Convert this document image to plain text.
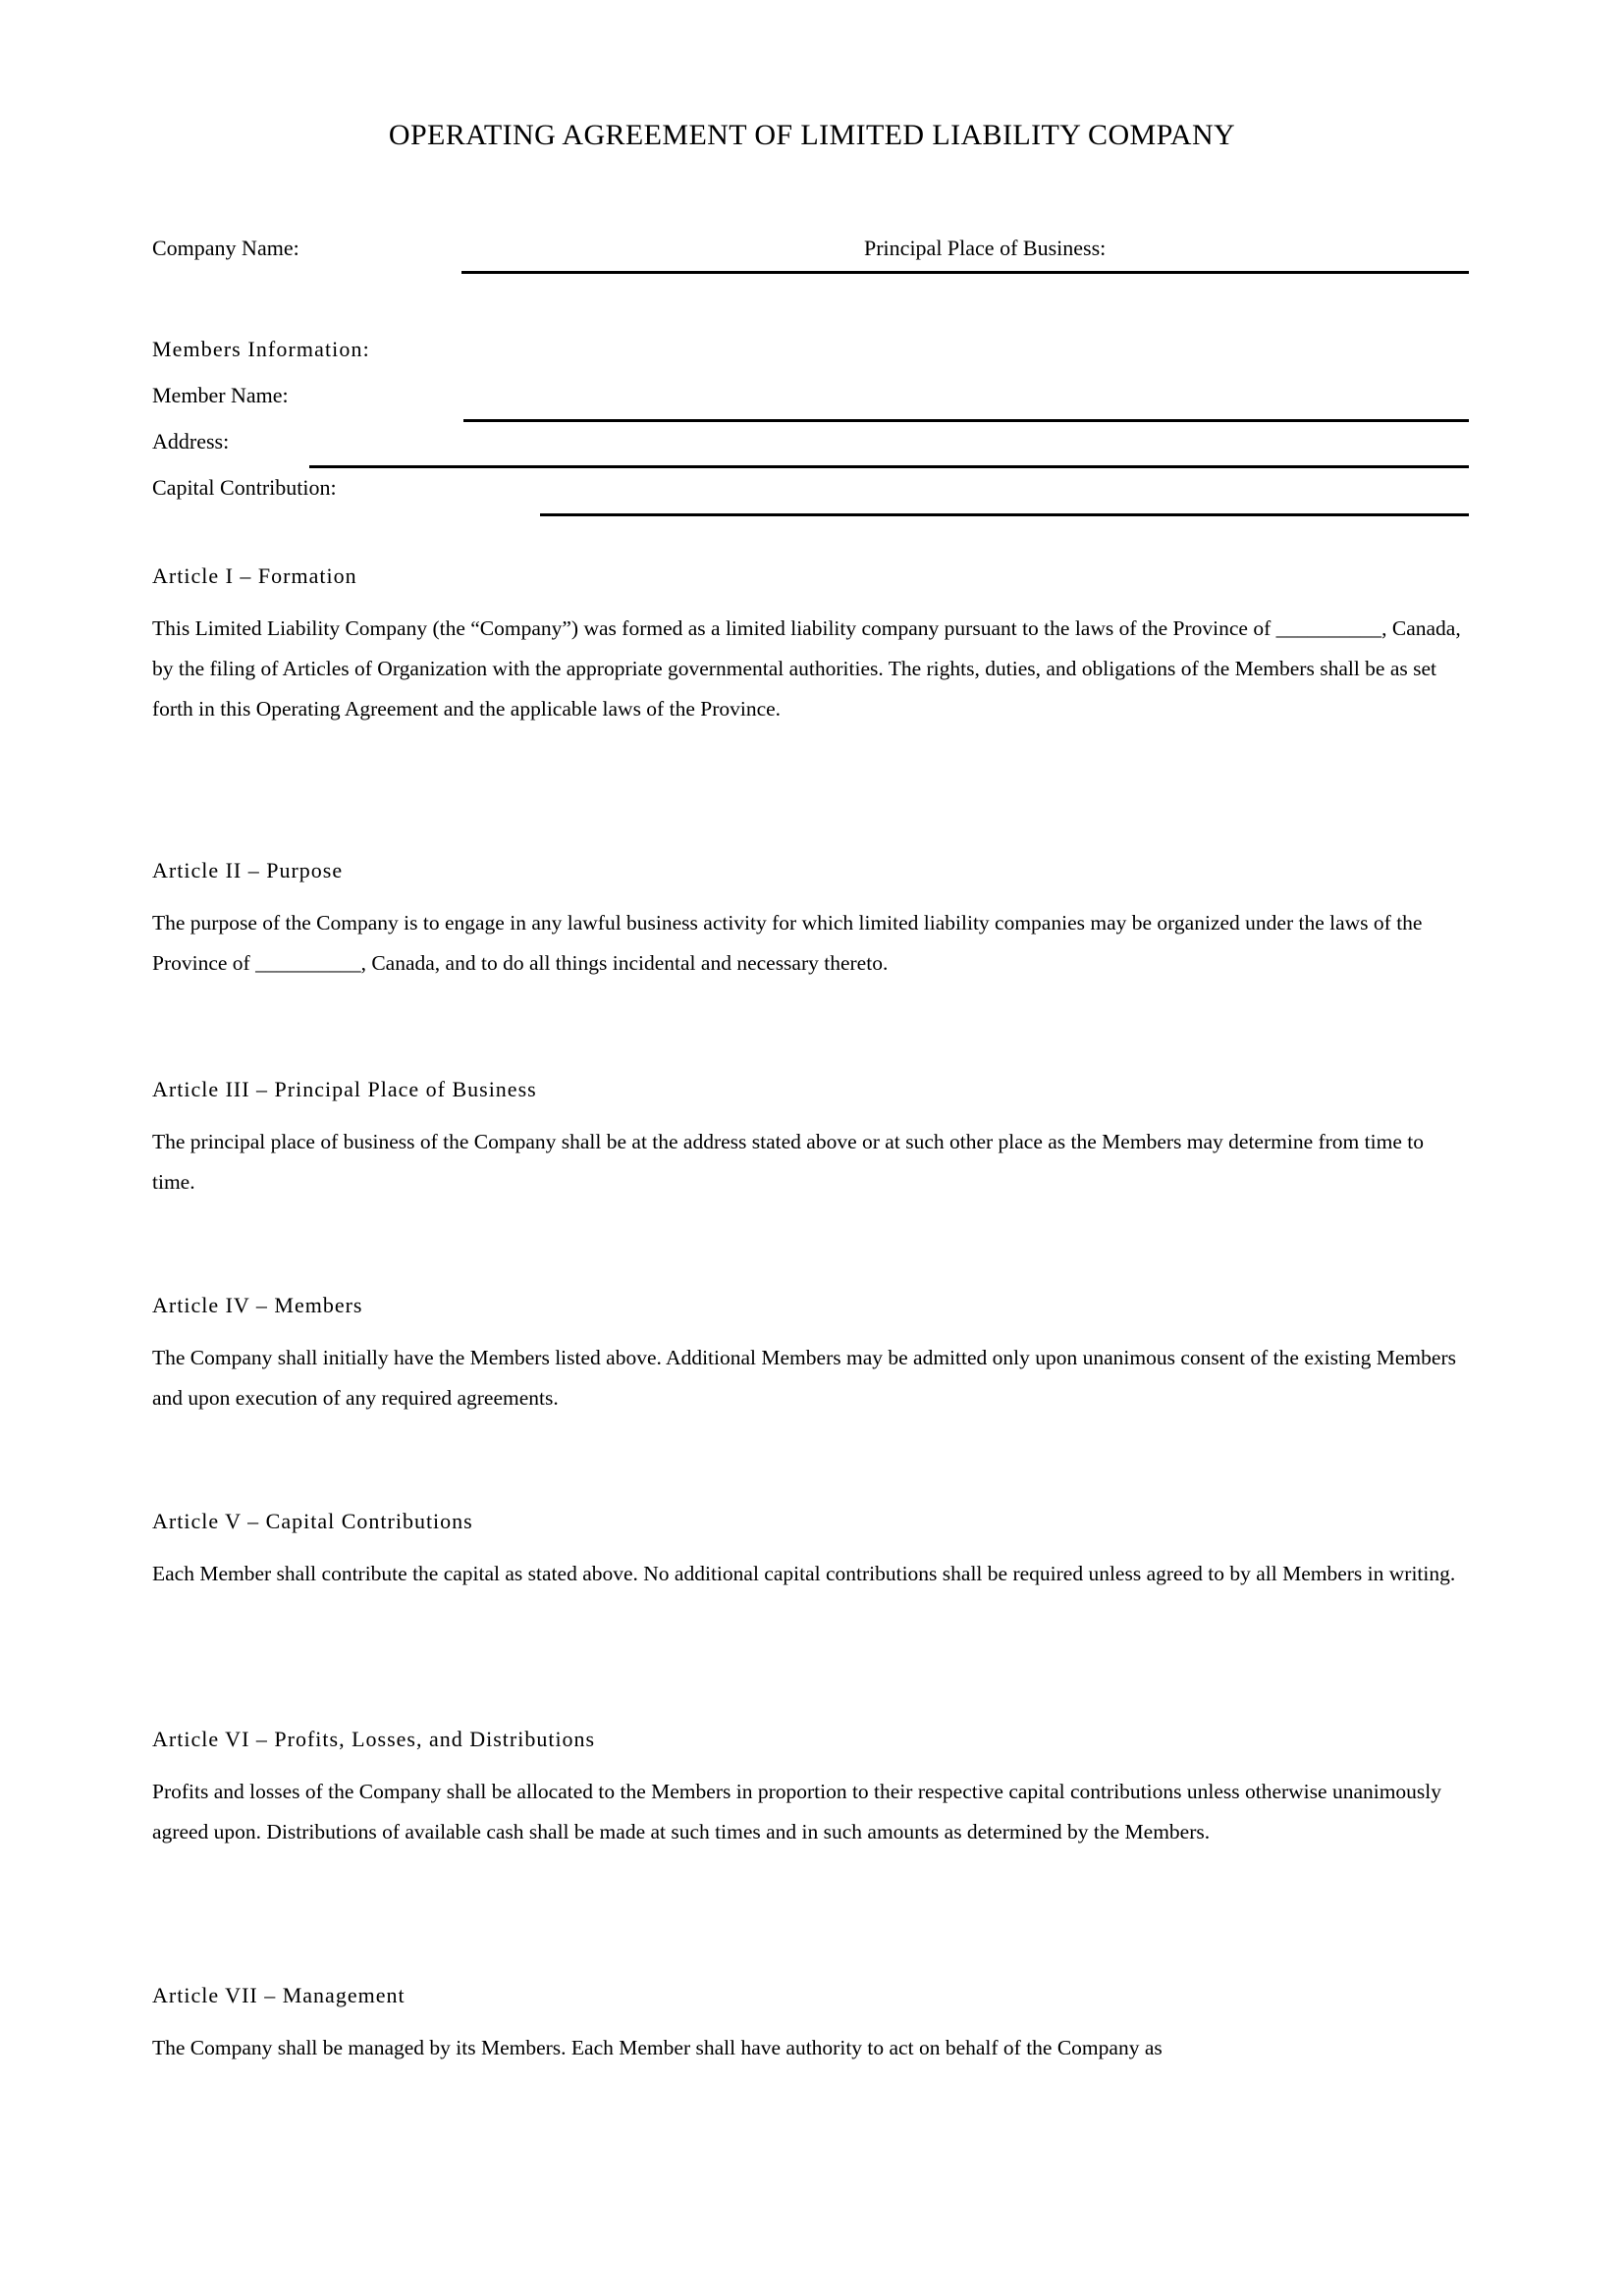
OPERATING AGREEMENT OF LIMITED LIABILITY COMPANY
Company Name:	Principal Place of Business:
Members Information:
Member Name:
Address:
Capital Contribution:
Article I – Formation

This Limited Liability Company (the “Company”) was formed as a limited liability company pursuant to the laws of the Province of __________, Canada, by the filing of Articles of Organization with the appropriate governmental authorities. The rights, duties, and obligations of the Members shall be as set forth in this Operating Agreement and the applicable laws of the Province.

Article II – Purpose

The purpose of the Company is to engage in any lawful business activity for which limited liability companies may be organized under the laws of the Province of __________, Canada, and to do all things incidental and necessary thereto.

Article III – Principal Place of Business

The principal place of business of the Company shall be at the address stated above or at such other place as the Members may determine from time to time.

Article IV – Members

The Company shall initially have the Members listed above. Additional Members may be admitted only upon unanimous consent of the existing Members and upon execution of any required agreements.

Article V – Capital Contributions

Each Member shall contribute the capital as stated above. No additional capital contributions shall be required unless agreed to by all Members in writing.

Article VI – Profits, Losses, and Distributions

Profits and losses of the Company shall be allocated to the Members in proportion to their respective capital contributions unless otherwise unanimously agreed upon. Distributions of available cash shall be made at such times and in such amounts as determined by the Members.

Article VII – Management

The Company shall be managed by its Members. Each Member shall have authority to act on behalf of the Company as
